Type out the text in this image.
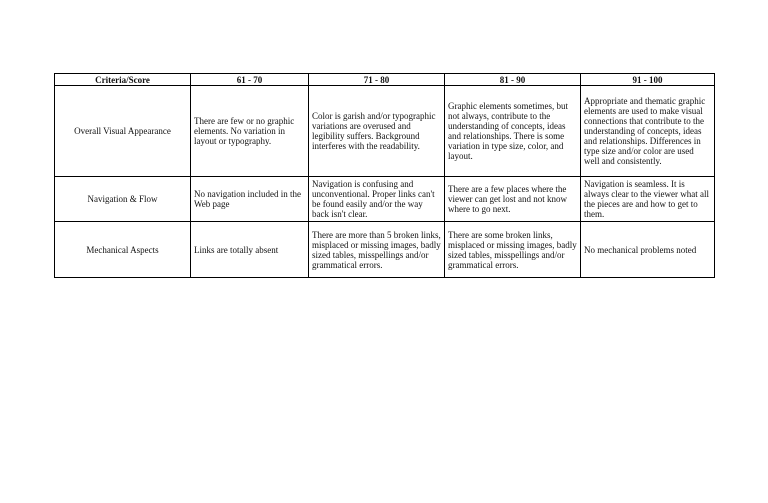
Criteria/Score	61 - 70	71 - 80	81 - 90	91 - 100
Overall Visual Appearance	There are few or no graphic elements. No variation in layout or typography.	Color is garish and/or typographic variations are overused and legibility suffers. Background interferes with the readability.	Graphic elements sometimes, but not always, contribute to the understanding of concepts, ideas and relationships. There is some variation in type size, color, and layout.	Appropriate and thematic graphic elements are used to make visual connections that contribute to the understanding of concepts, ideas and relationships. Differences in type size and/or color are used well and consistently.
Navigation & Flow	No navigation included in the Web page	Navigation is confusing and unconventional. Proper links can't be found easily and/or the way back isn't clear.	There are a few places where the viewer can get lost and not know where to go next.	Navigation is seamless. It is always clear to the viewer what all the pieces are and how to get to them.
Mechanical Aspects	Links are totally absent	There are more than 5 broken links, misplaced or missing images, badly sized tables, misspellings and/or grammatical errors.	There are some broken links, misplaced or missing images, badly sized tables, misspellings and/or grammatical errors.	No mechanical problems noted
